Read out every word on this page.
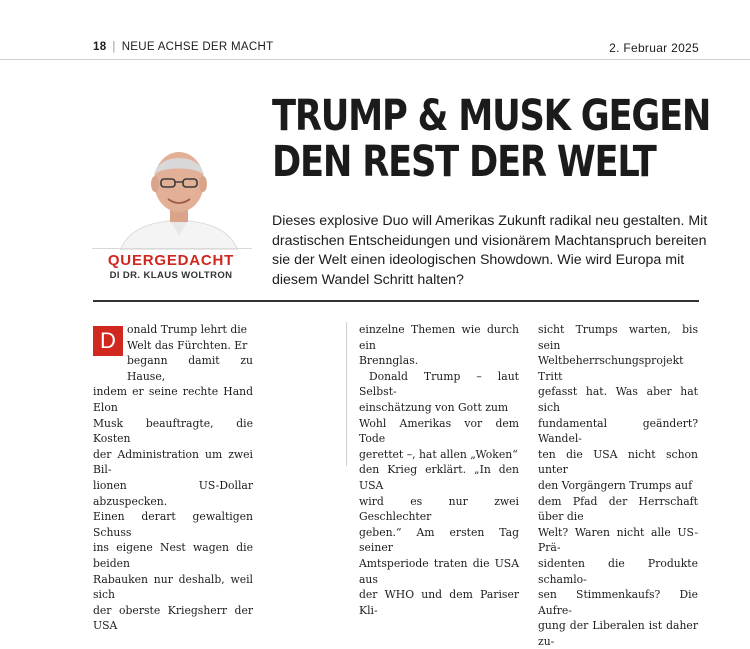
18 | NEUE ACHSE DER MACHT	2. Februar 2025
TRUMP & MUSK GEGEN
DEN REST DER WELT
Dieses explosive Duo will Amerikas Zukunft radikal neu gestalten. Mit drastischen Entscheidungen und visionärem Machtanspruch bereiten sie der Welt einen ideologischen Showdown. Wie wird Europa mit diesem Wandel Schritt halten?
QUERGEDACHT
DI DR. KLAUS WOLTRON
D	onald Trump lehrt die

Welt das Fürchten. Er

begann damit zu Hause,

indem er seine rechte Hand Elon

Musk beauftragte, die Kosten

der Administration um zwei Bil-

lionen US-Dollar abzuspecken.

Einen derart gewaltigen Schuss

ins eigene Nest wagen die beiden

Rabauken nur deshalb, weil sich

der oberste Kriegsherr der USA

einzelne Themen wie durch ein

Brennglas.

Donald Trump – laut Selbst-

einschätzung von Gott zum

Wohl Amerikas vor dem Tode

gerettet –, hat allen „Woken“

den Krieg erklärt. „In den USA

wird es nur zwei Geschlechter

geben.“ Am ersten Tag seiner

Amtsperiode traten die USA aus

der WHO und dem Pariser Kli-

sicht Trumps warten, bis sein

Weltbeherrschungsprojekt Tritt

gefasst hat. Was aber hat sich

fundamental geändert? Wandel-

ten die USA nicht schon unter

den Vorgängern Trumps auf

dem Pfad der Herrschaft über die

Welt? Waren nicht alle US-Prä-

sidenten die Produkte schamlo-

sen Stimmenkaufs? Die Aufre-

gung der Liberalen ist daher zu-
